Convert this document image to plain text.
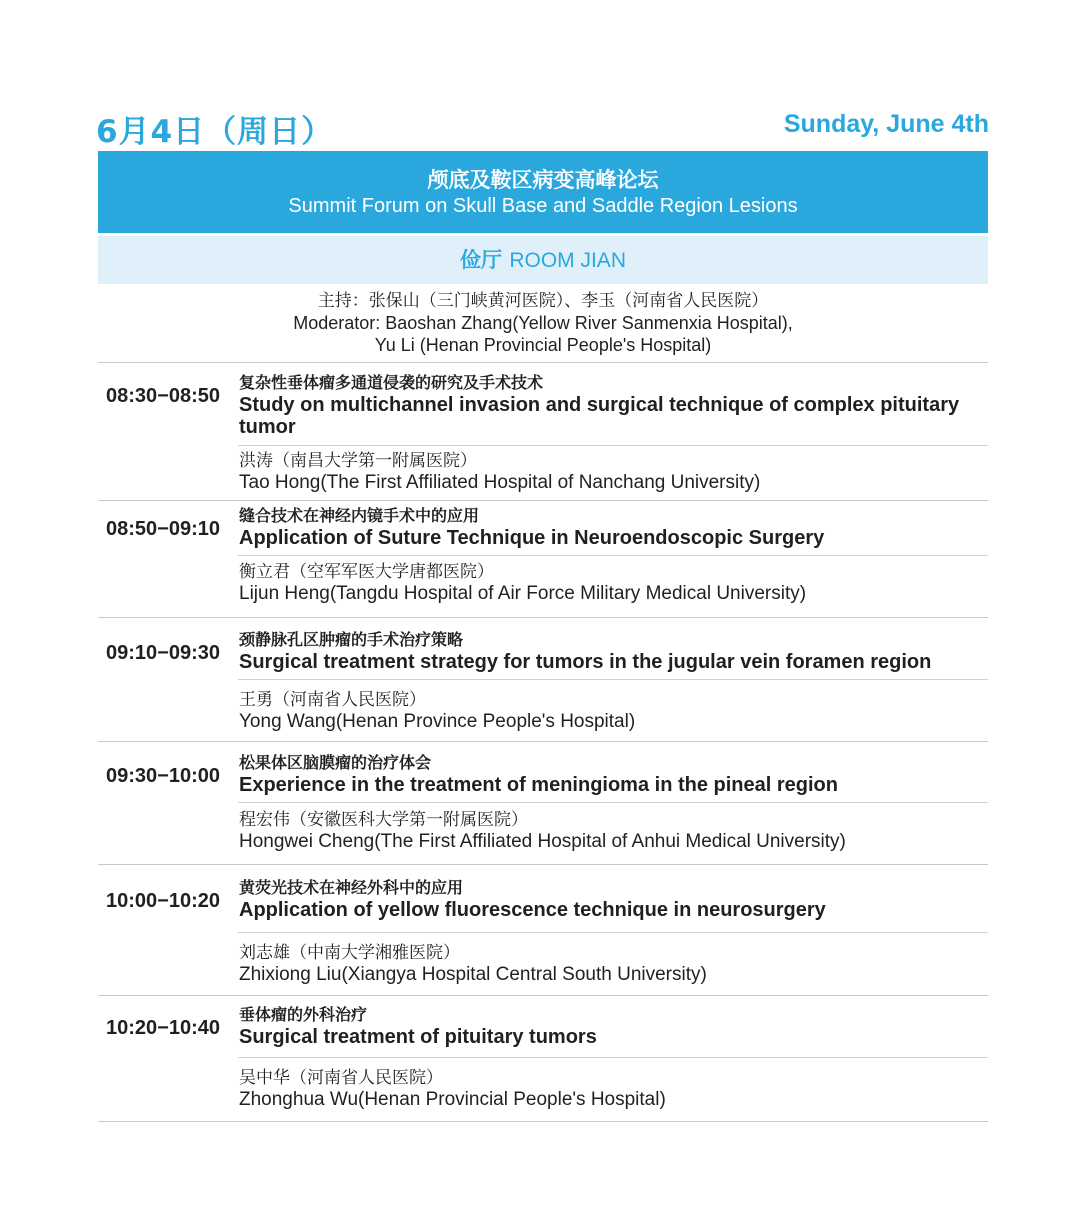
6月4日（周日）	Sunday, June 4th
颅底及鞍区病变高峰论坛
Summit Forum on Skull Base and Saddle Region Lesions
俭厅 ROOM JIAN
主持：张保山（三门峡黄河医院）、李玉（河南省人民医院）
Moderator: Baoshan Zhang(Yellow River Sanmenxia Hospital),
Yu Li (Henan Provincial People's Hospital)
08:30−08:50
复杂性垂体瘤多通道侵袭的研究及手术技术
Study on multichannel invasion and surgical technique of complex pituitary tumor
洪涛（南昌大学第一附属医院）
Tao Hong(The First Affiliated Hospital of Nanchang University)
08:50−09:10
缝合技术在神经内镜手术中的应用
Application of Suture Technique in Neuroendoscopic Surgery
衡立君（空军军医大学唐都医院）
Lijun Heng(Tangdu Hospital of Air Force Military Medical University)
09:10−09:30
颈静脉孔区肿瘤的手术治疗策略
Surgical treatment strategy for tumors in the jugular vein foramen region
王勇（河南省人民医院）
Yong Wang(Henan Province People's Hospital)
09:30−10:00
松果体区脑膜瘤的治疗体会
Experience in the treatment of meningioma in the pineal region
程宏伟（安徽医科大学第一附属医院）
Hongwei Cheng(The First Affiliated Hospital of Anhui Medical University)
10:00−10:20
黄荧光技术在神经外科中的应用
Application of yellow fluorescence technique in neurosurgery
刘志雄（中南大学湘雅医院）
Zhixiong Liu(Xiangya Hospital Central South University)
10:20−10:40
垂体瘤的外科治疗
Surgical treatment of pituitary tumors
吴中华（河南省人民医院）
Zhonghua Wu(Henan Provincial People's Hospital)
